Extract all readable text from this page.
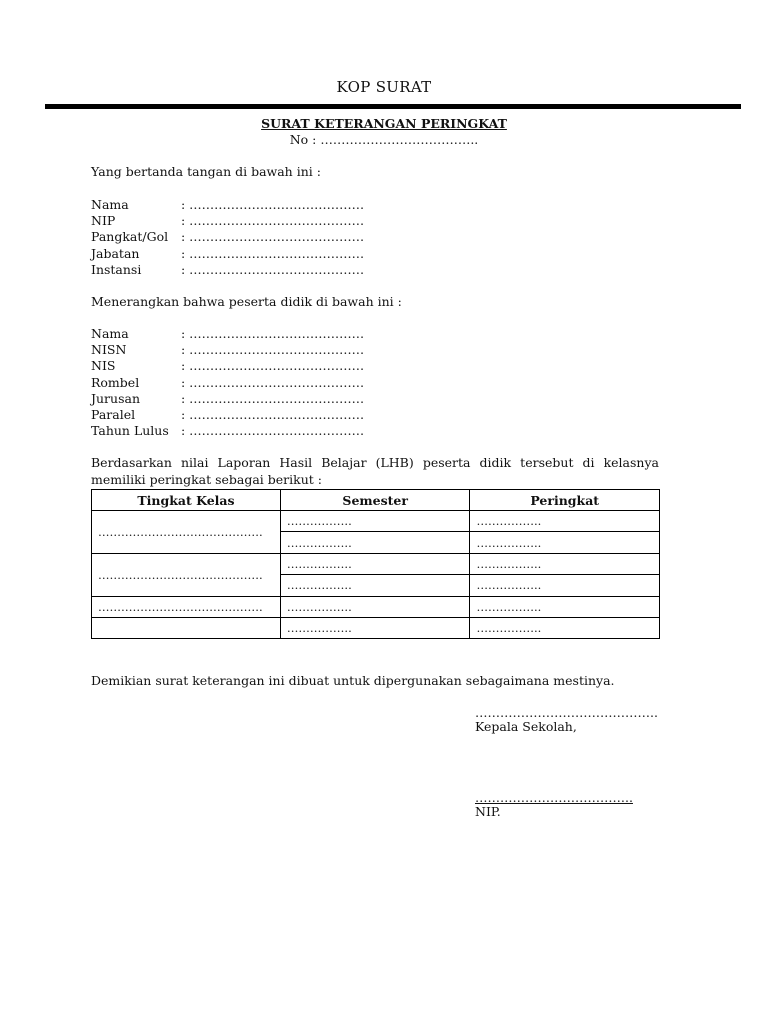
KOP SURAT
SURAT KETERANGAN PERINGKAT
No : ………………………………..
Yang bertanda tangan di bawah ini :
Nama	: ……………………………………
NIP	: ……………………………………
Pangkat/Gol : ……………………………………
Jabatan	: ……………………………………
Instansi	: ……………………………………
Menerangkan bahwa peserta didik di bawah ini :
Nama	: ……………………………………
NISN	: ……………………………………
NIS	: ……………………………………
Rombel	: ……………………………………
Jurusan	: ……………………………………
Paralel	: ……………………………………
Tahun Lulus : ……………………………………
Berdasarkan nilai Laporan Hasil Belajar (LHB) peserta didik tersebut di kelasnya memiliki peringkat sebagai berikut :
Tingkat Kelas	Semester	Peringkat
…………………………………….	……………..	……………..
	……………..	……………..
…………………………………….	……………..	……………..
	……………..	……………..
…………………………………….	……………..	……………..
	……………..	……………..
Demikian surat keterangan ini dibuat untuk dipergunakan sebagaimana mestinya.
……………………………………..
Kepala Sekolah,
………………………………..
NIP.
